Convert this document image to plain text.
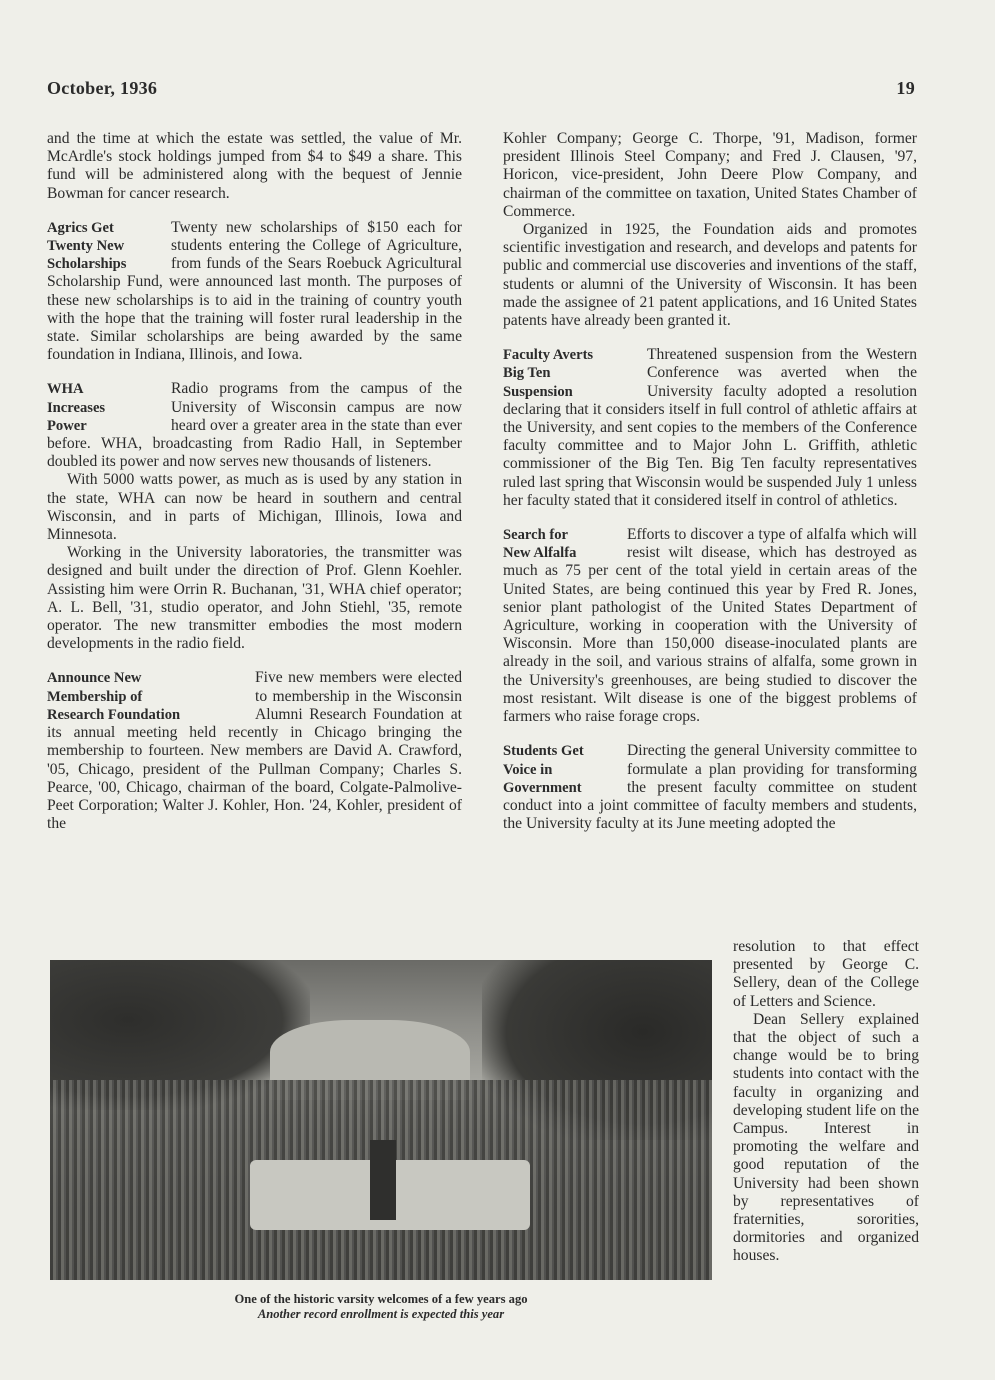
October, 1936	19

and the time at which the estate was settled, the value of Mr. McArdle's stock holdings jumped from $4 to $49 a share. This fund will be administered along with the bequest of Jennie Bowman for cancer research.

Agrics Get
Twenty New
Scholarships

Twenty new scholarships of $150 each for students entering the College of Agriculture, from funds of the Sears Roebuck Agricultural Scholarship Fund, were announced last month. The purposes of these new scholarships is to aid in the training of country youth with the hope that the training will foster rural leadership in the state. Similar scholarships are being awarded by the same foundation in Indiana, Illinois, and Iowa.

WHA
Increases
Power

Radio programs from the campus of the University of Wisconsin campus are now heard over a greater area in the state than ever before. WHA, broadcasting from Radio Hall, in September doubled its power and now serves new thousands of listeners.

With 5000 watts power, as much as is used by any station in the state, WHA can now be heard in southern and central Wisconsin, and in parts of Michigan, Illinois, Iowa and Minnesota.

Working in the University laboratories, the transmitter was designed and built under the direction of Prof. Glenn Koehler. Assisting him were Orrin R. Buchanan, '31, WHA chief operator; A. L. Bell, '31, studio operator, and John Stiehl, '35, remote operator. The new transmitter embodies the most modern developments in the radio field.

Announce New
Membership of
Research Foundation

Five new members were elected to membership in the Wisconsin Alumni Research Foundation at its annual meeting held recently in Chicago bringing the membership to fourteen. New members are David A. Crawford, '05, Chicago, president of the Pullman Company; Charles S. Pearce, '00, Chicago, chairman of the board, Colgate-Palmolive-Peet Corporation; Walter J. Kohler, Hon. '24, Kohler, president of the

Kohler Company; George C. Thorpe, '91, Madison, former president Illinois Steel Company; and Fred J. Clausen, '97, Horicon, vice-president, John Deere Plow Company, and chairman of the committee on taxation, United States Chamber of Commerce.

Organized in 1925, the Foundation aids and promotes scientific investigation and research, and develops and patents for public and commercial use discoveries and inventions of the staff, students or alumni of the University of Wisconsin. It has been made the assignee of 21 patent applications, and 16 United States patents have already been granted it.

Faculty Averts
Big Ten
Suspension

Threatened suspension from the Western Conference was averted when the University faculty adopted a resolution declaring that it considers itself in full control of athletic affairs at the University, and sent copies to the members of the Conference faculty committee and to Major John L. Griffith, athletic commissioner of the Big Ten. Big Ten faculty representatives ruled last spring that Wisconsin would be suspended July 1 unless her faculty stated that it considered itself in control of athletics.

Search for
New Alfalfa

Efforts to discover a type of alfalfa which will resist wilt disease, which has destroyed as much as 75 per cent of the total yield in certain areas of the United States, are being continued this year by Fred R. Jones, senior plant pathologist of the United States Department of Agriculture, working in cooperation with the University of Wisconsin. More than 150,000 disease-inoculated plants are already in the soil, and various strains of alfalfa, some grown in the University's greenhouses, are being studied to discover the most resistant. Wilt disease is one of the biggest problems of farmers who raise forage crops.

Students Get
Voice in
Government

Directing the general University committee to formulate a plan providing for transforming the present faculty committee on student conduct into a joint committee of faculty members and students, the University faculty at its June meeting adopted the

One of the historic varsity welcomes of a few years ago
Another record enrollment is expected this year

resolution to that effect presented by George C. Sellery, dean of the College of Letters and Science.

Dean Sellery explained that the object of such a change would be to bring students into contact with the faculty in organizing and developing student life on the Campus. Interest in promoting the welfare and good reputation of the University had been shown by representatives of fraternities, sororities, dormitories and organized houses.
